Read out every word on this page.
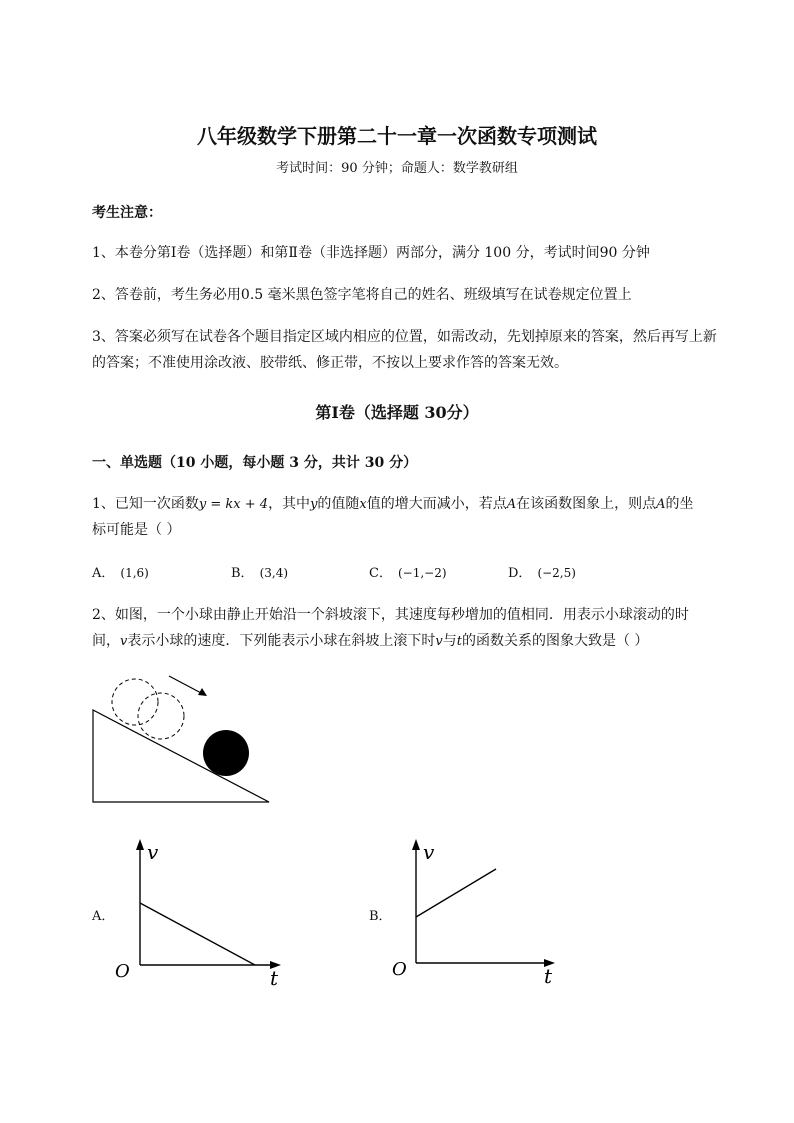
八年级数学下册第二十一章一次函数专项测试
考试时间：90 分钟；命题人：数学教研组
考生注意：
1、本卷分第Ⅰ卷（选择题）和第Ⅱ卷（非选择题）两部分，满分 100 分，考试时间90 分钟
2、答卷前，考生务必用0.5 毫米黑色签字笔将自己的姓名、班级填写在试卷规定位置上
3、答案必须写在试卷各个题目指定区域内相应的位置，如需改动，先划掉原来的答案，然后再写上新
的答案；不准使用涂改液、胶带纸、修正带，不按以上要求作答的答案无效。
第Ⅰ卷（选择题 30分）
一、单选题（10 小题，每小题 3 分，共计 30 分）
1、已知一次函数y = kx + 4，其中y的值随x值的增大而减小，若点A在该函数图象上，则点A的坐
标可能是（ ）
A． (1,6)	B． (3,4)	C． (−1,−2)	D． (−2,5)
2、如图，一个小球由静止开始沿一个斜坡滚下，其速度每秒增加的值相同．用表示小球滚动的时
间，v表示小球的速度．下列能表示小球在斜坡上滚下时v与t的函数关系的图象大致是（ ）
A．
v
t
O
B．
v
t
O
